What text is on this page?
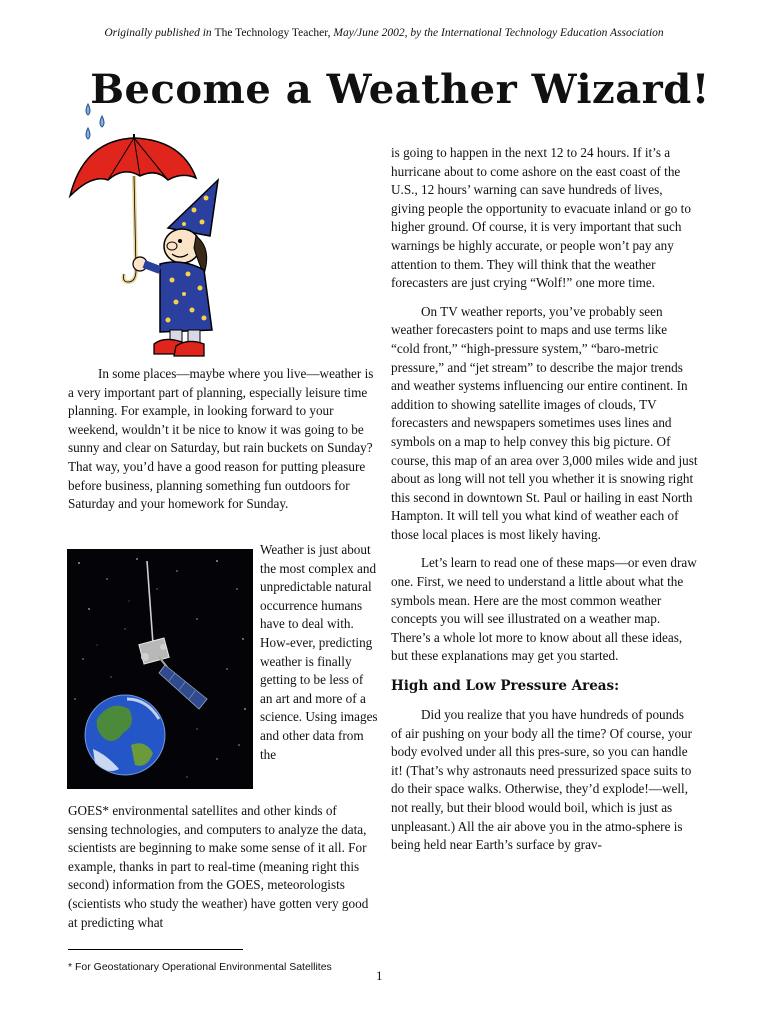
Originally published in The Technology Teacher, May/June 2002, by the International Technology Education Association
Become a Weather Wizard!

In some places—maybe where you live—weather is a very important part of planning, especially leisure time planning. For example, in looking forward to your weekend, wouldn’t it be nice to know it was going to be sunny and clear on Saturday, but rain buckets on Sunday? That way, you’d have a good reason for putting pleasure before business, planning something fun outdoors for Saturday and your homework for Sunday.

Weather is just about the most complex and unpredictable natural occurrence humans have to deal with. How-ever, predicting weather is finally getting to be less of an art and more of a science. Using images and other data from the

GOES* environmental satellites and other kinds of sensing technologies, and computers to analyze the data, scientists are beginning to make some sense of it all. For example, thanks in part to real-time (meaning right this second) information from the GOES, meteorologists (scientists who study the weather) have gotten very good at predicting what

is going to happen in the next 12 to 24 hours. If it’s a hurricane about to come ashore on the east coast of the U.S., 12 hours’ warning can save hundreds of lives, giving people the opportunity to evacuate inland or go to higher ground. Of course, it is very important that such warnings be highly accurate, or people won’t pay any attention to them. They will think that the weather forecasters are just crying “Wolf!” one more time.

On TV weather reports, you’ve probably seen weather forecasters point to maps and use terms like “cold front,” “high-pressure system,” “baro-metric pressure,” and “jet stream” to describe the major trends and weather systems influencing our entire continent. In addition to showing satellite images of clouds, TV forecasters and newspapers sometimes uses lines and symbols on a map to help convey this big picture. Of course, this map of an area over 3,000 miles wide and just about as long will not tell you whether it is snowing right this second in downtown St. Paul or hailing in east North Hampton. It will tell you what kind of weather each of those local places is most likely having.

Let’s learn to read one of these maps—or even draw one. First, we need to understand a little about what the symbols mean. Here are the most common weather concepts you will see illustrated on a weather map. There’s a whole lot more to know about all these ideas, but these explanations may get you started.

High and Low Pressure Areas:

Did you realize that you have hundreds of pounds of air pushing on your body all the time? Of course, your body evolved under all this pres-sure, so you can handle it! (That’s why astronauts need pressurized space suits to do their space walks. Otherwise, they’d explode!—well, not really, but their blood would boil, which is just as unpleasant.) All the air above you in the atmo-sphere is being held near Earth’s surface by grav-

* For Geostationary Operational Environmental Satellites
1
